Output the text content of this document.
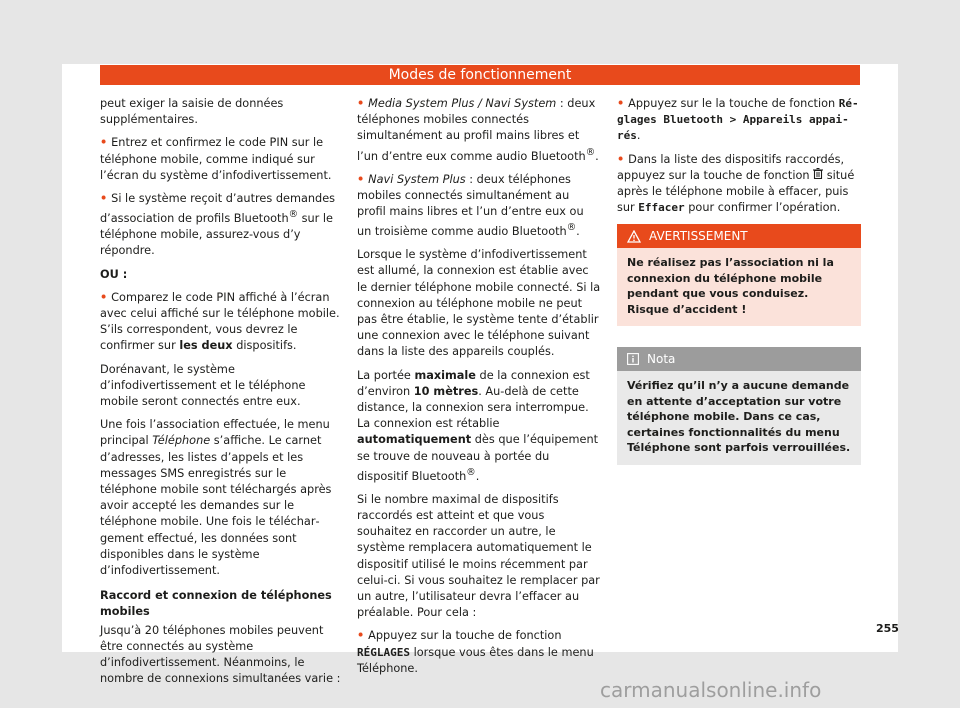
Modes de fonctionnement

peut exiger la saisie de données supplémentaires.

• Entrez et confirmez le code PIN sur le téléphone mobile, comme indiqué sur l’écran du système d’infodivertissement.

• Si le système reçoit d’autres demandes d’association de profils Bluetooth® sur le téléphone mobile, assurez-vous d’y répondre.

OU :

• Comparez le code PIN affiché à l’écran avec celui affiché sur le téléphone mobile. S’ils correspondent, vous devrez le confirmer sur les deux dispositifs.

Dorénavant, le système d’infodivertissement et le téléphone mobile seront connectés entre eux.

Une fois l’association effectuée, le menu principal Téléphone s’affiche. Le carnet d’adresses, les listes d’appels et les messages SMS enregistrés sur le téléphone mobile sont téléchargés après avoir accepté les demandes sur le téléphone mobile. Une fois le téléchargement effectué, les données sont disponibles dans le système d’infodivertissement.

Raccord et connexion de téléphones mobiles

Jusqu’à 20 téléphones mobiles peuvent être connectés au système d’infodivertissement. Néanmoins, le nombre de connexions simultanées varie :

• Media System Plus / Navi System : deux téléphones mobiles connectés simultanément au profil mains libres et l’un d’entre eux comme audio Bluetooth®.

• Navi System Plus : deux téléphones mobiles connectés simultanément au profil mains libres et l’un d’entre eux ou un troisième comme audio Bluetooth®.

Lorsque le système d’infodivertissement est allumé, la connexion est établie avec le dernier téléphone mobile connecté. Si la connexion au téléphone mobile ne peut pas être établie, le système tente d’établir une connexion avec le téléphone suivant dans la liste des appareils couplés.

La portée maximale de la connexion est d’environ 10 mètres. Au-delà de cette distance, la connexion sera interrompue. La connexion est rétablie automatiquement dès que l’équipement se trouve de nouveau à portée du dispositif Bluetooth®.

Si le nombre maximal de dispositifs raccordés est atteint et que vous souhaitez en raccorder un autre, le système remplacera automatiquement le dispositif utilisé le moins récemment par celui-ci. Si vous souhaitez le remplacer par un autre, l’utilisateur devra l’effacer au préalable. Pour cela :

• Appuyez sur la touche de fonction RÉGLAGES lorsque vous êtes dans le menu Téléphone.

• Appuyez sur le la touche de fonction Réglages Bluetooth > Appareils appairés.

• Dans la liste des dispositifs raccordés, appuyez sur la touche de fonction
situé après le téléphone mobile à effacer, puis sur Effacer pour confirmer l’opération.

AVERTISSEMENT
Ne réalisez pas l’association ni la connexion du téléphone mobile pendant que vous conduisez. Risque d’accident !
Nota
Vérifiez qu’il n’y a aucune demande en attente d’acceptation sur votre téléphone mobile. Dans ce cas, certaines fonctionnalités du menu Téléphone sont parfois verrouillées.
255
carmanualsonline.info
